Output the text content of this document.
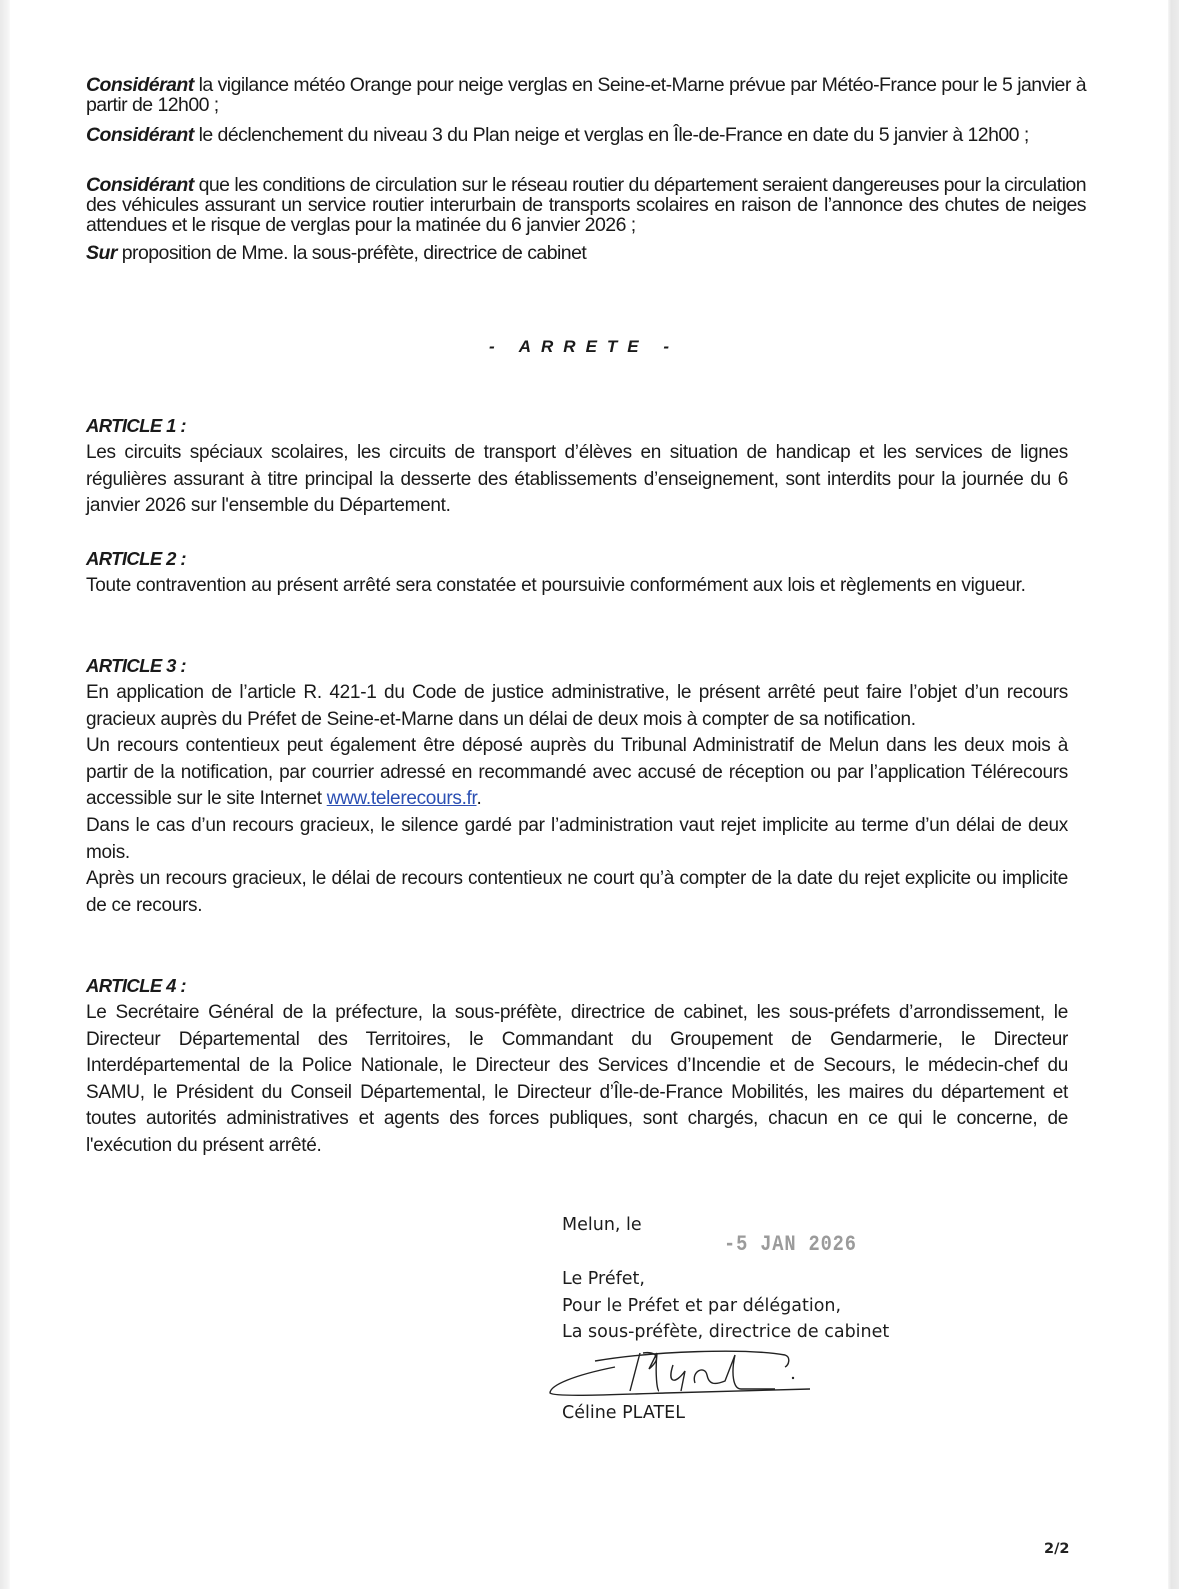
Considérant la vigilance météo Orange pour neige verglas en Seine-et-Marne prévue par Météo-France pour le 5 janvier à partir de 12h00 ;
Considérant le déclenchement du niveau 3 du Plan neige et verglas en Île-de-France en date du 5 janvier à 12h00 ;
Considérant que les conditions de circulation sur le réseau routier du département seraient dangereuses pour la circulation des véhicules assurant un service routier interurbain de transports scolaires en raison de l’annonce des chutes de neiges attendues et le risque de verglas pour la matinée du 6 janvier 2026 ;
Sur proposition de Mme. la sous-préfète, directrice de cabinet
- ARRETE -
ARTICLE 1 :

Les circuits spéciaux scolaires, les circuits de transport d’élèves en situation de handicap et les services de lignes régulières assurant à titre principal la desserte des établissements d’enseignement, sont interdits pour la journée du 6 janvier 2026 sur l'ensemble du Département.

ARTICLE 2 :

Toute contravention au présent arrêté sera constatée et poursuivie conformément aux lois et règlements en vigueur.

ARTICLE 3 :

En application de l’article R. 421-1 du Code de justice administrative, le présent arrêté peut faire l’objet d’un recours gracieux auprès du Préfet de Seine-et-Marne dans un délai de deux mois à compter de sa notification.

Un recours contentieux peut également être déposé auprès du Tribunal Administratif de Melun dans les deux mois à partir de la notification, par courrier adressé en recommandé avec accusé de réception ou par l’application Télérecours accessible sur le site Internet www.telerecours.fr.

Dans le cas d’un recours gracieux, le silence gardé par l’administration vaut rejet implicite au terme d’un délai de deux mois.

Après un recours gracieux, le délai de recours contentieux ne court qu’à compter de la date du rejet explicite ou implicite de ce recours.

ARTICLE 4 :

Le Secrétaire Général de la préfecture, la sous-préfète, directrice de cabinet, les sous-préfets d’arrondissement, le Directeur Départemental des Territoires, le Commandant du Groupement de Gendarmerie, le Directeur Interdépartemental de la Police Nationale, le Directeur des Services d’Incendie et de Secours, le médecin-chef du SAMU, le Président du Conseil Départemental, le Directeur d’Île-de-France Mobilités, les maires du département et toutes autorités administratives et agents des forces publiques, sont chargés, chacun en ce qui le concerne, de l'exécution du présent arrêté.

Melun, le
-5 JAN 2026
Le Préfet,
Pour le Préfet et par délégation,
La sous-préfète, directrice de cabinet
Céline PLATEL
2/2
